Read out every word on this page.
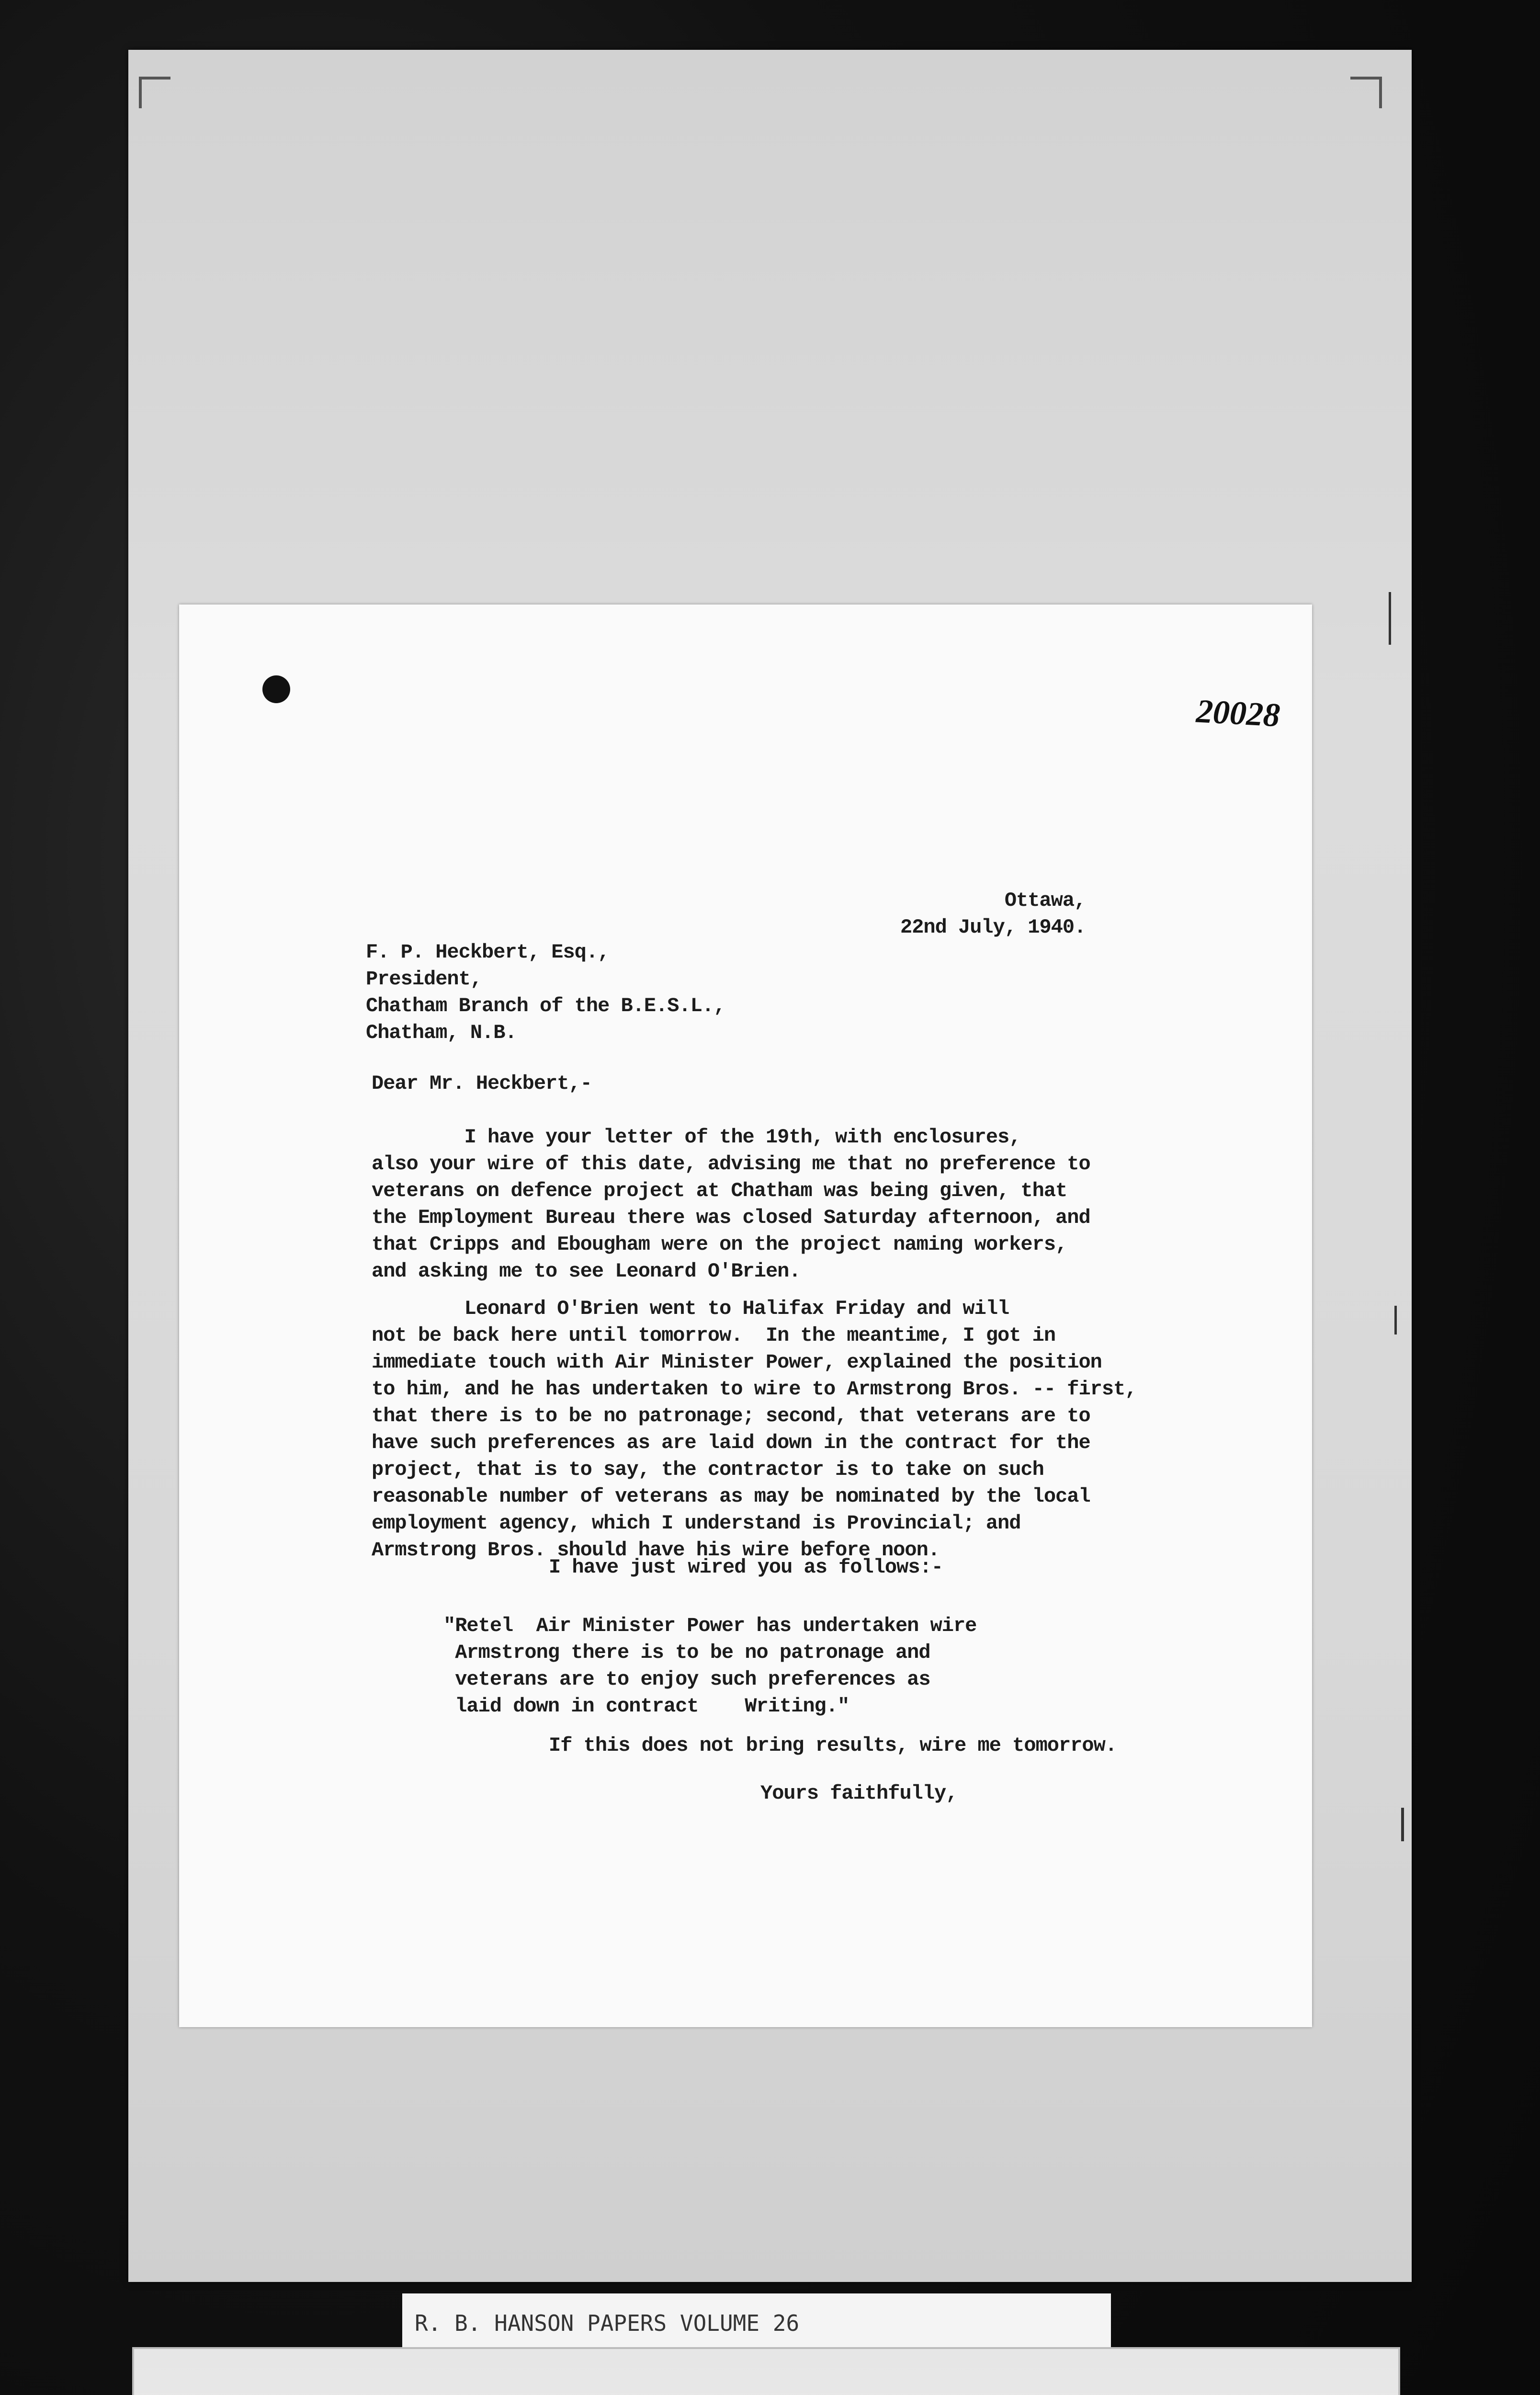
20028
Ottawa,
22nd July, 1940.
F. P. Heckbert, Esq.,
President,
Chatham Branch of the B.E.S.L.,
Chatham, N.B.
Dear Mr. Heckbert,-
I have your letter of the 19th, with enclosures,
also your wire of this date, advising me that no preference to
veterans on defence project at Chatham was being given, that
the Employment Bureau there was closed Saturday afternoon, and
that Cripps and Ebougham were on the project naming workers,
and asking me to see Leonard O'Brien.
Leonard O'Brien went to Halifax Friday and will
not be back here until tomorrow.  In the meantime, I got in
immediate touch with Air Minister Power, explained the position
to him, and he has undertaken to wire to Armstrong Bros. -- first,
that there is to be no patronage; second, that veterans are to
have such preferences as are laid down in the contract for the
project, that is to say, the contractor is to take on such
reasonable number of veterans as may be nominated by the local
employment agency, which I understand is Provincial; and
Armstrong Bros. should have his wire before noon.
I have just wired you as follows:-
"Retel  Air Minister Power has undertaken wire
Armstrong there is to be no patronage and
veterans are to enjoy such preferences as
laid down in contract    Writing."
If this does not bring results, wire me tomorrow.
Yours faithfully,

R. B. HANSON PAPERS VOLUME 26
